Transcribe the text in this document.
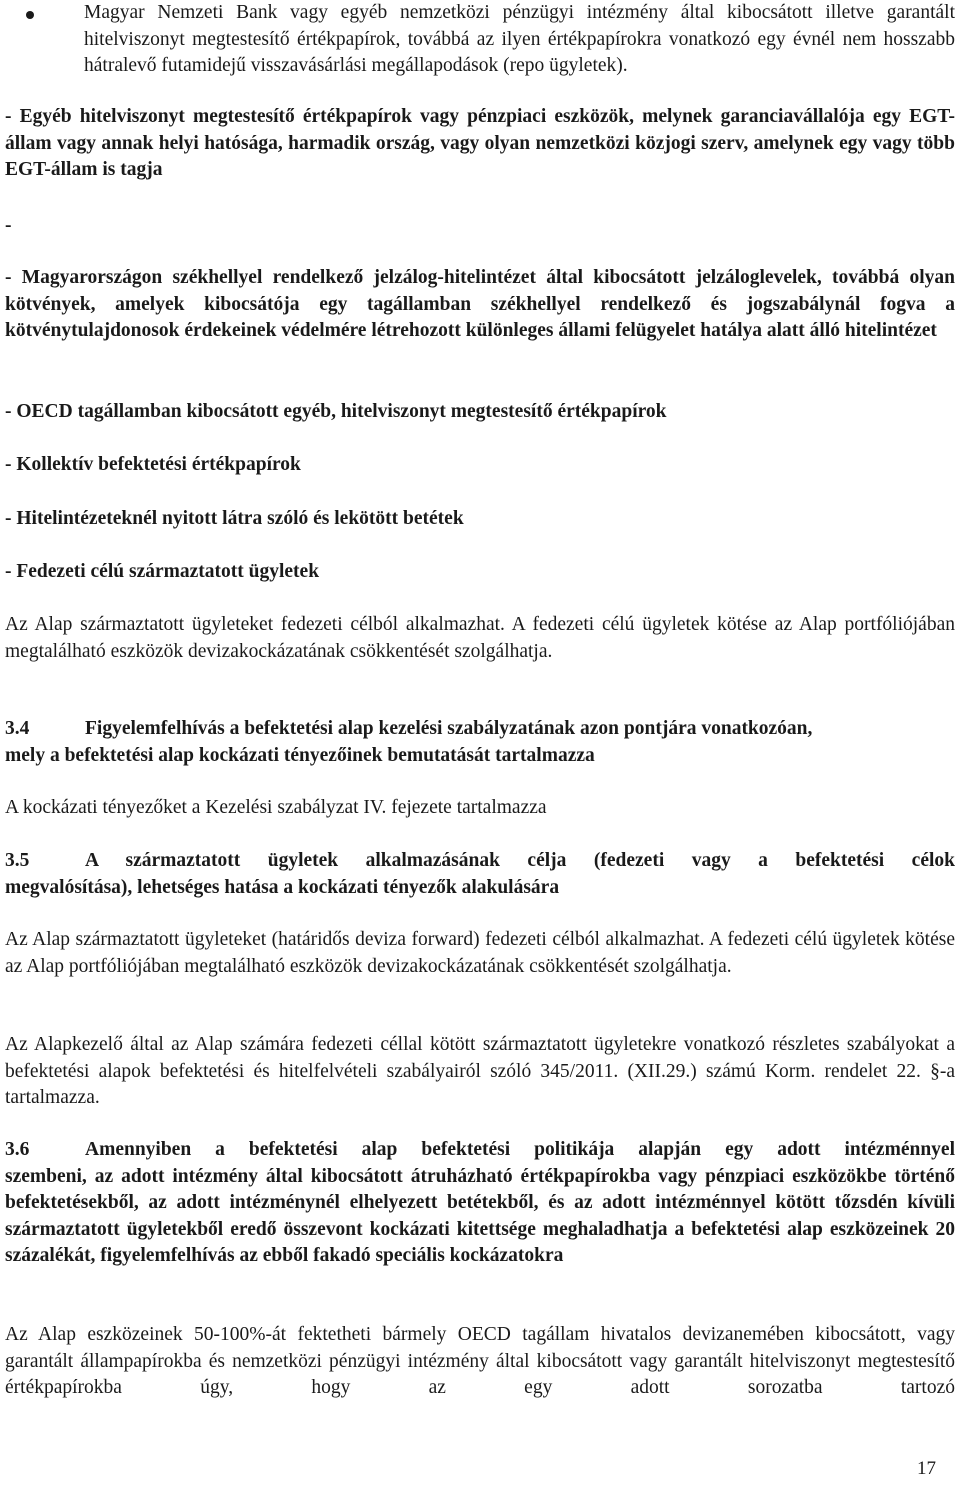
Magyar Nemzeti Bank vagy egyéb nemzetközi pénzügyi intézmény által kibocsátott illetve garantált hitelviszonyt megtestesítő értékpapírok, továbbá az ilyen értékpapírokra vonatkozó egy évnél nem hosszabb hátralevő futamidejű visszavásárlási megállapodások (repo ügyletek).

- Egyéb hitelviszonyt megtestesítő értékpapírok vagy pénzpiaci eszközök, melynek garanciavállalója egy EGT-állam vagy annak helyi hatósága, harmadik ország, vagy olyan nemzetközi közjogi szerv, amelynek egy vagy több EGT-állam is tagja

-

- Magyarországon székhellyel rendelkező jelzálog-hitelintézet által kibocsátott jelzáloglevelek, továbbá olyan kötvények, amelyek kibocsátója egy tagállamban székhellyel rendelkező és jogszabálynál fogva a kötvénytulajdonosok érdekeinek védelmére létrehozott különleges állami felügyelet hatálya alatt álló hitelintézet

- OECD tagállamban kibocsátott egyéb, hitelviszonyt megtestesítő értékpapírok

- Kollektív befektetési értékpapírok

- Hitelintézeteknél nyitott látra szóló és lekötött betétek

- Fedezeti célú származtatott ügyletek

Az Alap származtatott ügyleteket fedezeti célból alkalmazhat. A fedezeti célú ügyletek kötése az Alap portfóliójában megtalálható eszközök devizakockázatának csökkentését szolgálhatja.

3.4	Figyelemfelhívás a befektetési alap kezelési szabályzatának azon pontjára vonatkozóan,

mely a befektetési alap kockázati tényezőinek bemutatását tartalmazza

A kockázati tényezőket a Kezelési szabályzat IV. fejezete tartalmazza

3.5	A származtatott ügyletek alkalmazásának célja (fedezeti vagy a befektetési célok

megvalósítása), lehetséges hatása a kockázati tényezők alakulására

Az Alap származtatott ügyleteket (határidős deviza forward) fedezeti célból alkalmazhat. A fedezeti célú ügyletek kötése az Alap portfóliójában megtalálható eszközök devizakockázatának csökkentését szolgálhatja.

Az Alapkezelő által az Alap számára fedezeti céllal kötött származtatott ügyletekre vonatkozó részletes szabályokat a befektetési alapok befektetési és hitelfelvételi szabályairól szóló 345/2011. (XII.29.) számú Korm. rendelet 22. §-a tartalmazza.

3.6	Amennyiben a befektetési alap befektetési politikája alapján egy adott intézménnyel

szembeni, az adott intézmény által kibocsátott átruházható értékpapírokba vagy pénzpiaci eszközökbe történő befektetésekből, az adott intézménynél elhelyezett betétekből, és az adott intézménnyel kötött tőzsdén kívüli származtatott ügyletekből eredő összevont kockázati kitettsége meghaladhatja a befektetési alap eszközeinek 20 százalékát, figyelemfelhívás az ebből fakadó speciális kockázatokra

Az Alap eszközeinek 50-100%-át fektetheti bármely OECD tagállam hivatalos devizanemében kibocsátott, vagy garantált állampapírokba és nemzetközi pénzügyi intézmény által kibocsátott vagy garantált hitelviszonyt megtestesítő értékpapírokba úgy, hogy az egy adott sorozatba tartozó

17
